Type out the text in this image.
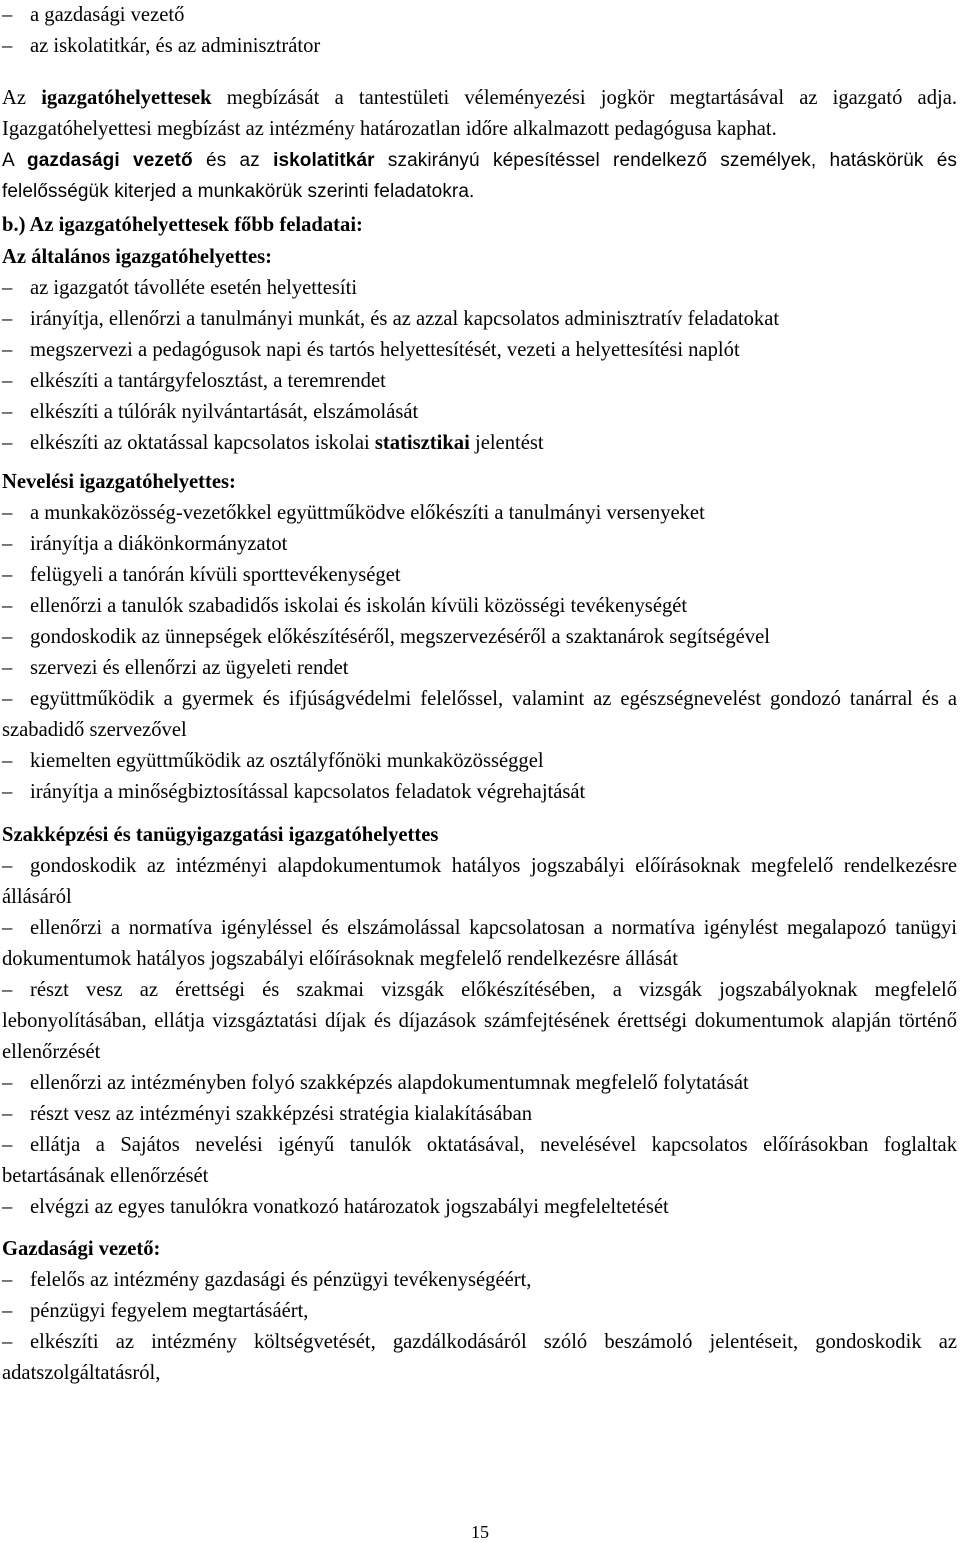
– a gazdasági vezető
– az iskolatitkár, és az adminisztrátor
Az igazgatóhelyettesek megbízását a tantestületi véleményezési jogkör megtartásával az igazgató adja. Igazgatóhelyettesi megbízást az intézmény határozatlan időre alkalmazott pedagógusa kaphat.
A gazdasági vezető és az iskolatitkár szakirányú képesítéssel rendelkező személyek, hatáskörük és felelősségük kiterjed a munkakörük szerinti feladatokra.
b.) Az igazgatóhelyettesek főbb feladatai:
Az általános igazgatóhelyettes:
– az igazgatót távolléte esetén helyettesíti
– irányítja, ellenőrzi a tanulmányi munkát, és az azzal kapcsolatos adminisztratív feladatokat
– megszervezi a pedagógusok napi és tartós helyettesítését, vezeti a helyettesítési naplót
– elkészíti a tantárgyfelosztást, a teremrendet
– elkészíti a túlórák nyilvántartását, elszámolását
– elkészíti az oktatással kapcsolatos iskolai statisztikai jelentést
Nevelési igazgatóhelyettes:
– a munkaközösség-vezetőkkel együttműködve előkészíti a tanulmányi versenyeket
– irányítja a diákönkormányzatot
– felügyeli a tanórán kívüli sporttevékenységet
– ellenőrzi a tanulók szabadidős iskolai és iskolán kívüli közösségi tevékenységét
– gondoskodik az ünnepségek előkészítéséről, megszervezéséről a szaktanárok segítségével
– szervezi és ellenőrzi az ügyeleti rendet
– együttműködik a gyermek és ifjúságvédelmi felelőssel, valamint az egészségnevelést gondozó tanárral és a szabadidő szervezővel
– kiemelten együttműködik az osztályfőnöki munkaközösséggel
– irányítja a minőségbiztosítással kapcsolatos feladatok végrehajtását
Szakképzési és tanügyigazgatási igazgatóhelyettes
– gondoskodik az intézményi alapdokumentumok hatályos jogszabályi előírásoknak megfelelő rendelkezésre állásáról
– ellenőrzi a normatíva igényléssel és elszámolással kapcsolatosan a normatíva igénylést megalapozó tanügyi dokumentumok hatályos jogszabályi előírásoknak megfelelő rendelkezésre állását
– részt vesz az érettségi és szakmai vizsgák előkészítésében, a vizsgák jogszabályoknak megfelelő lebonyolításában, ellátja vizsgáztatási díjak és díjazások számfejtésének érettségi dokumentumok alapján történő ellenőrzését
– ellenőrzi az intézményben folyó szakképzés alapdokumentumnak megfelelő folytatását
– részt vesz az intézményi szakképzési stratégia kialakításában
– ellátja a Sajátos nevelési igényű tanulók oktatásával, nevelésével kapcsolatos előírásokban foglaltak betartásának ellenőrzését
– elvégzi az egyes tanulókra vonatkozó határozatok jogszabályi megfeleltetését
Gazdasági vezető:
– felelős az intézmény gazdasági és pénzügyi tevékenységéért,
– pénzügyi fegyelem megtartásáért,
– elkészíti az intézmény költségvetését, gazdálkodásáról szóló beszámoló jelentéseit, gondoskodik az adatszolgáltatásról,
15
